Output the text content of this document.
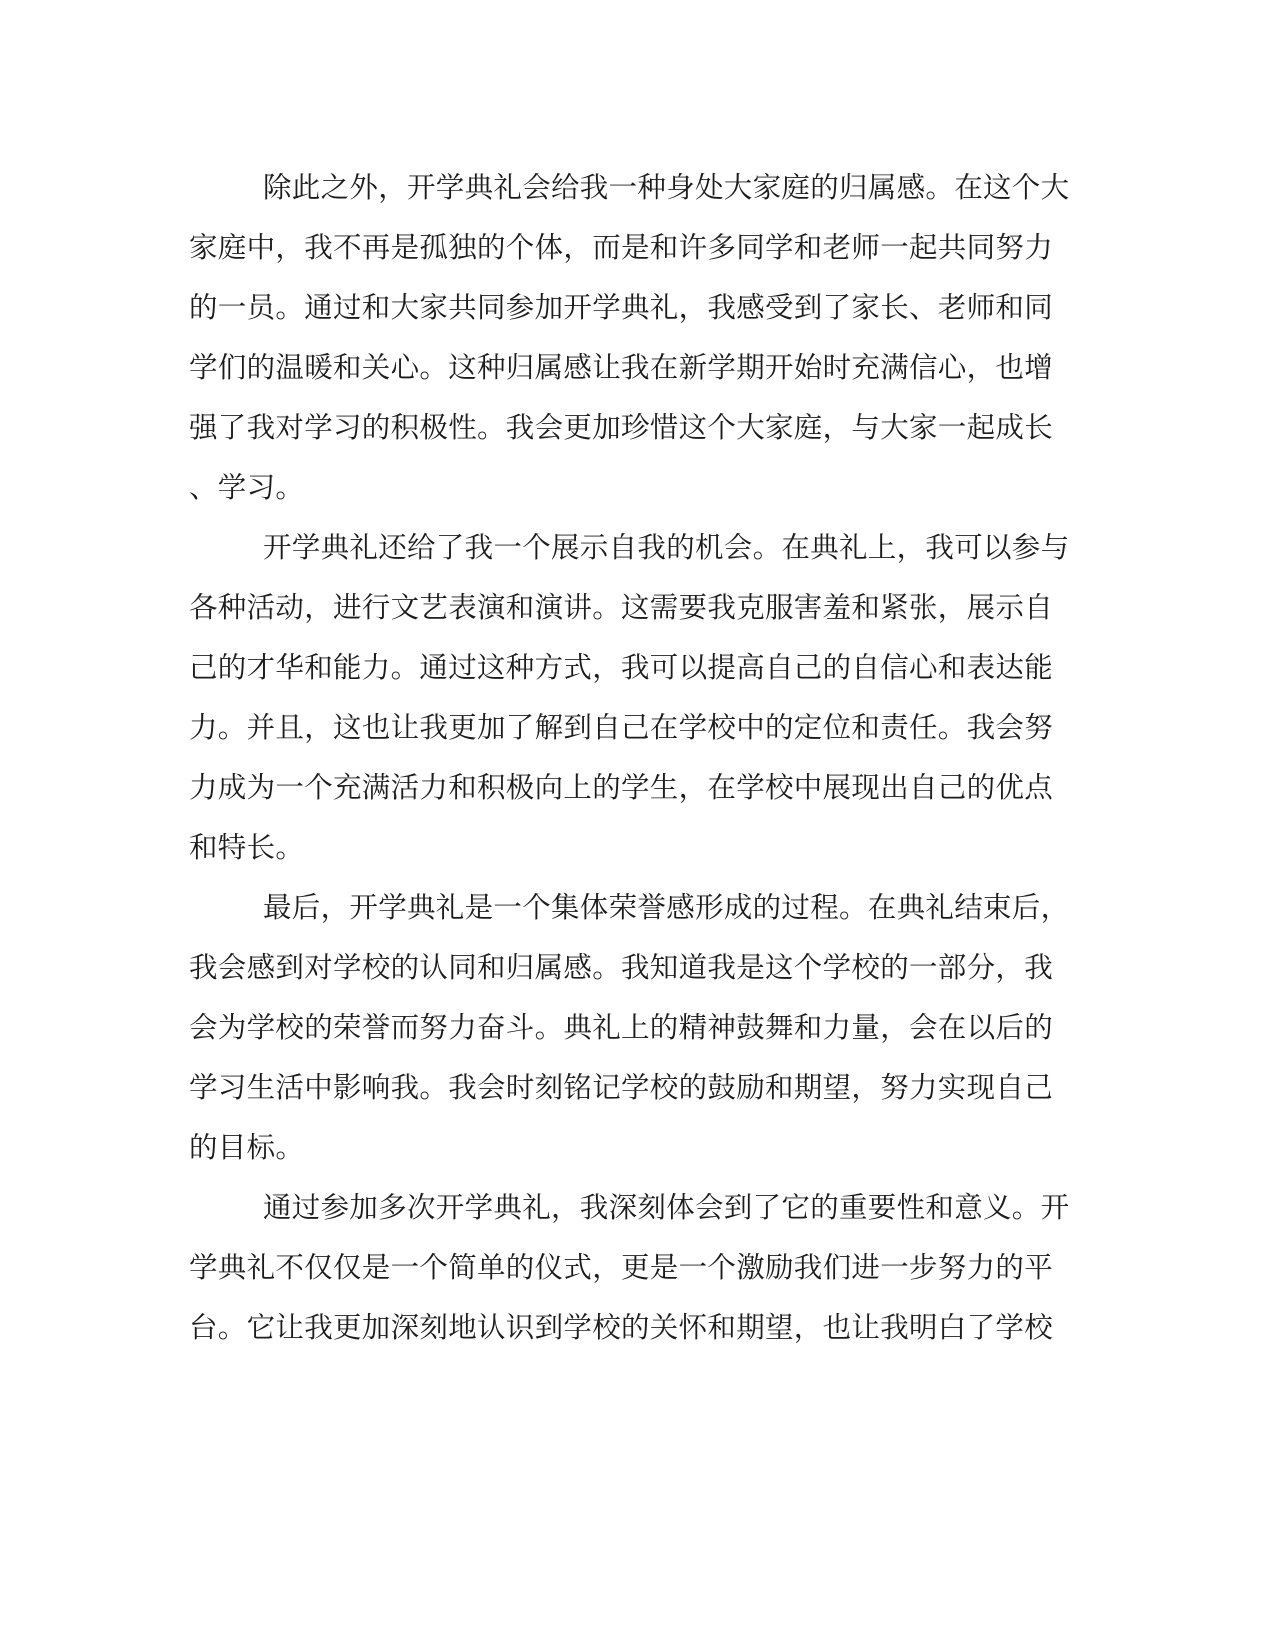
除此之外，开学典礼会给我一种身处大家庭的归属感。在这个大
家庭中，我不再是孤独的个体，而是和许多同学和老师一起共同努力
的一员。通过和大家共同参加开学典礼，我感受到了家长、老师和同
学们的温暖和关心。这种归属感让我在新学期开始时充满信心，也增
强了我对学习的积极性。我会更加珍惜这个大家庭，与大家一起成长
、学习。
开学典礼还给了我一个展示自我的机会。在典礼上，我可以参与
各种活动，进行文艺表演和演讲。这需要我克服害羞和紧张，展示自
己的才华和能力。通过这种方式，我可以提高自己的自信心和表达能
力。并且，这也让我更加了解到自己在学校中的定位和责任。我会努
力成为一个充满活力和积极向上的学生，在学校中展现出自己的优点
和特长。
最后，开学典礼是一个集体荣誉感形成的过程。在典礼结束后，
我会感到对学校的认同和归属感。我知道我是这个学校的一部分，我
会为学校的荣誉而努力奋斗。典礼上的精神鼓舞和力量，会在以后的
学习生活中影响我。我会时刻铭记学校的鼓励和期望，努力实现自己
的目标。
通过参加多次开学典礼，我深刻体会到了它的重要性和意义。开
学典礼不仅仅是一个简单的仪式，更是一个激励我们进一步努力的平
台。它让我更加深刻地认识到学校的关怀和期望，也让我明白了学校
